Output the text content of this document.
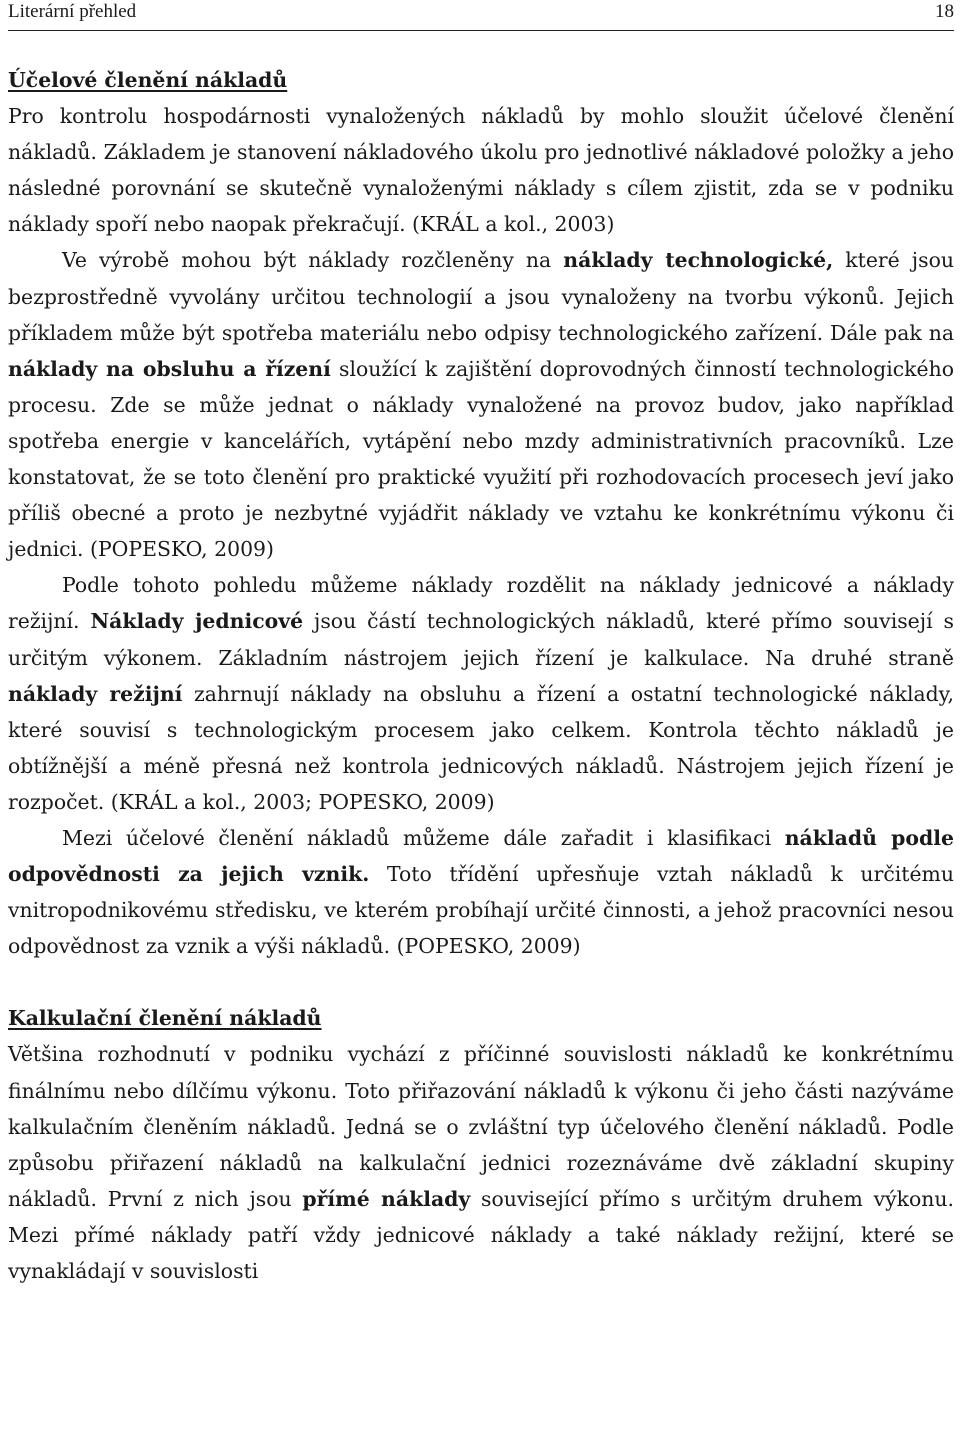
Literární přehled	18
Účelové členění nákladů

Pro kontrolu hospodárnosti vynaložených nákladů by mohlo sloužit účelové členění nákladů. Základem je stanovení nákladového úkolu pro jednotlivé nákladové položky a jeho následné porovnání se skutečně vynaloženými náklady s cílem zjistit, zda se v podniku náklady spoří nebo naopak překračují. (KRÁL a kol., 2003)

Ve výrobě mohou být náklady rozčleněny na náklady technologické, které jsou bezprostředně vyvolány určitou technologií a jsou vynaloženy na tvorbu výkonů. Jejich příkladem může být spotřeba materiálu nebo odpisy technologického zařízení. Dále pak na náklady na obsluhu a řízení sloužící k zajištění doprovodných činností technologického procesu. Zde se může jednat o náklady vynaložené na provoz budov, jako například spotřeba energie v kancelářích, vytápění nebo mzdy administrativních pracovníků. Lze konstatovat, že se toto členění pro praktické využití při rozhodovacích procesech jeví jako příliš obecné a proto je nezbytné vyjádřit náklady ve vztahu ke konkrétnímu výkonu či jednici. (POPESKO, 2009)

Podle tohoto pohledu můžeme náklady rozdělit na náklady jednicové a náklady režijní. Náklady jednicové jsou částí technologických nákladů, které přímo souvisejí s určitým výkonem. Základním nástrojem jejich řízení je kalkulace. Na druhé straně náklady režijní zahrnují náklady na obsluhu a řízení a ostatní technologické náklady, které souvisí s technologickým procesem jako celkem. Kontrola těchto nákladů je obtížnější a méně přesná než kontrola jednicových nákladů. Nástrojem jejich řízení je rozpočet. (KRÁL a kol., 2003; POPESKO, 2009)

Mezi účelové členění nákladů můžeme dále zařadit i klasifikaci nákladů podle odpovědnosti za jejich vznik. Toto třídění upřesňuje vztah nákladů k určitému vnitropodnikovému středisku, ve kterém probíhají určité činnosti, a jehož pracovníci nesou odpovědnost za vznik a výši nákladů. (POPESKO, 2009)

Kalkulační členění nákladů

Většina rozhodnutí v podniku vychází z příčinné souvislosti nákladů ke konkrétnímu finálnímu nebo dílčímu výkonu. Toto přiřazování nákladů k výkonu či jeho části nazýváme kalkulačním členěním nákladů. Jedná se o zvláštní typ účelového členění nákladů. Podle způsobu přiřazení nákladů na kalkulační jednici rozeznáváme dvě základní skupiny nákladů. První z nich jsou přímé náklady související přímo s určitým druhem výkonu. Mezi přímé náklady patří vždy jednicové náklady a také náklady režijní, které se vynakládají v souvislosti
